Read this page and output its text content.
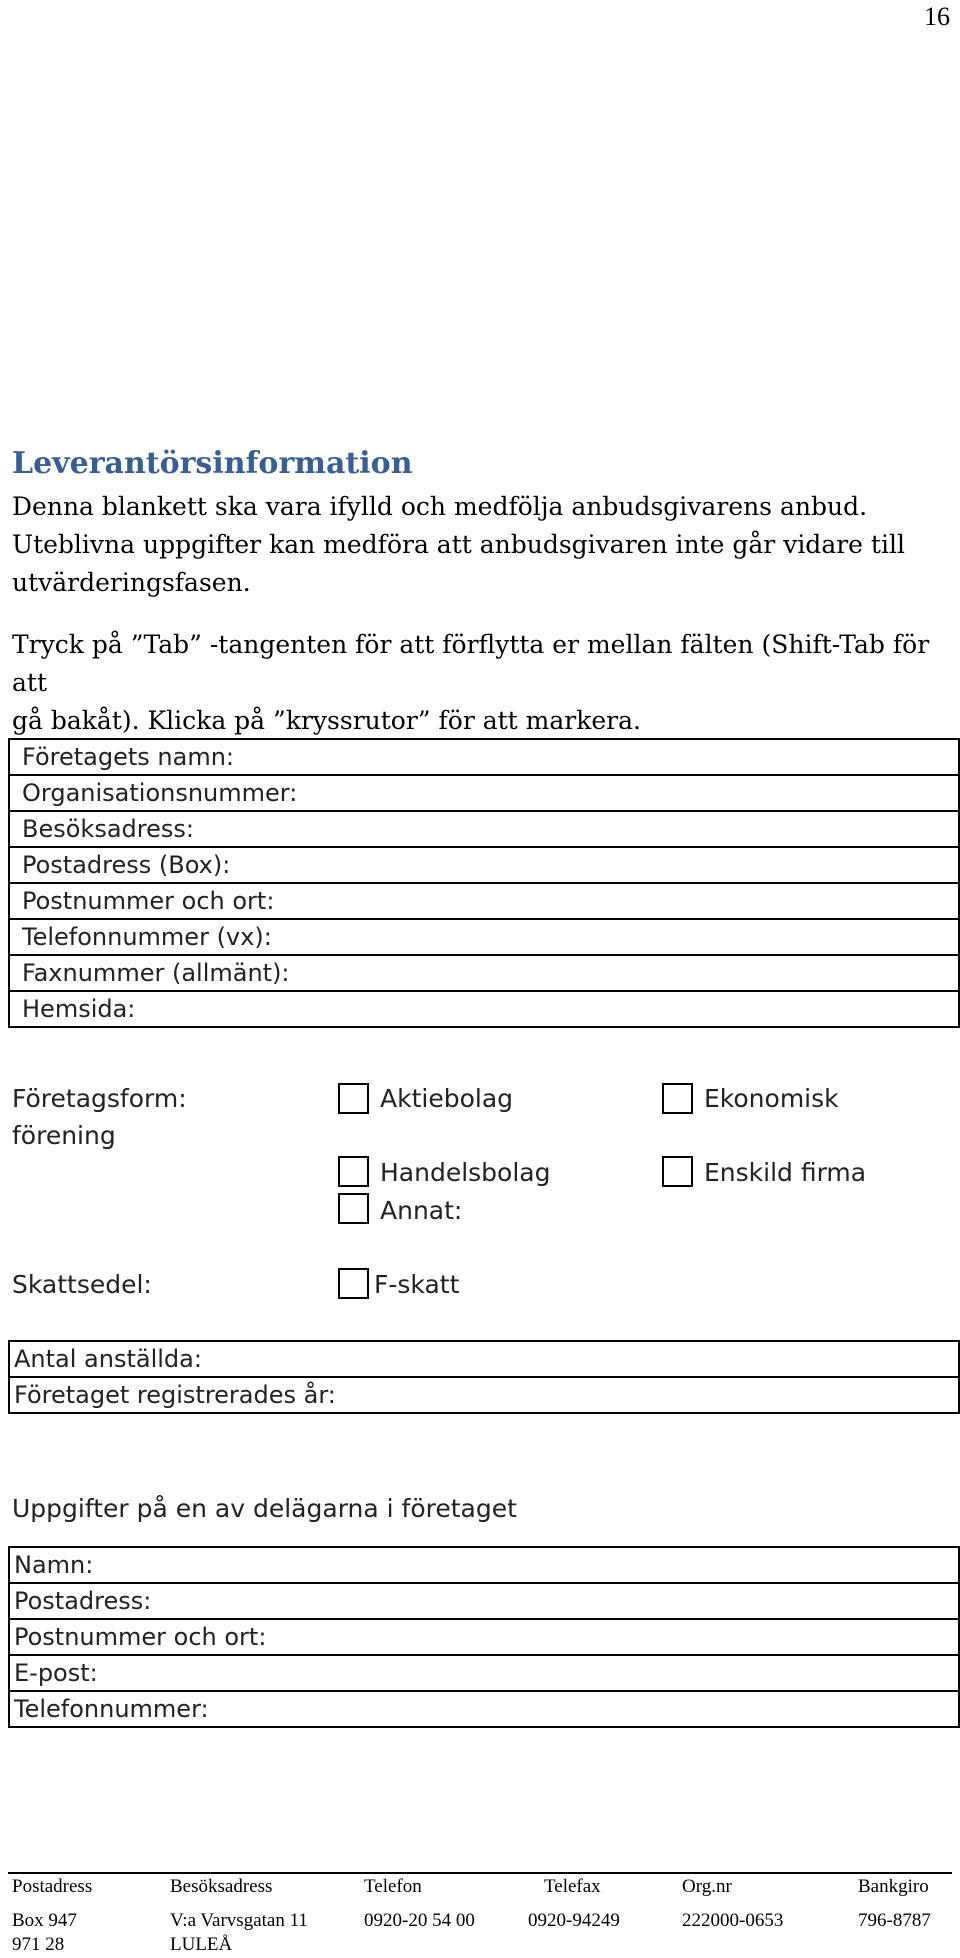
16
Leverantörsinformation
Denna blankett ska vara ifylld och medfölja anbudsgivarens anbud.
Uteblivna uppgifter kan medföra att anbudsgivaren inte går vidare till
utvärderingsfasen.
Tryck på ”Tab” -tangenten för att förflytta er mellan fälten (Shift-Tab för att
gå bakåt). Klicka på ”kryssrutor” för att markera.
Företagets namn:
Organisationsnummer:
Besöksadress:
Postadress (Box):
Postnummer och ort:
Telefonnummer (vx):
Faxnummer (allmänt):
Hemsida:
Företagsform:
förening
Aktiebolag	Ekonomisk
Handelsbolag	Enskild firma
Annat:
Skattsedel:	F-skatt
Antal anställda:
Företaget registrerades år:
Uppgifter på en av delägarna i företaget
Namn:
Postadress:
Postnummer och ort:
E-post:
Telefonnummer:
Postadress	Besöksadress	Telefon	Telefax	Org.nr	Bankgiro
Box 947	V:a Varvsgatan 11	0920-20 54 00	0920-94249	222000-0653	796-8787
971 28	LULEÅ
